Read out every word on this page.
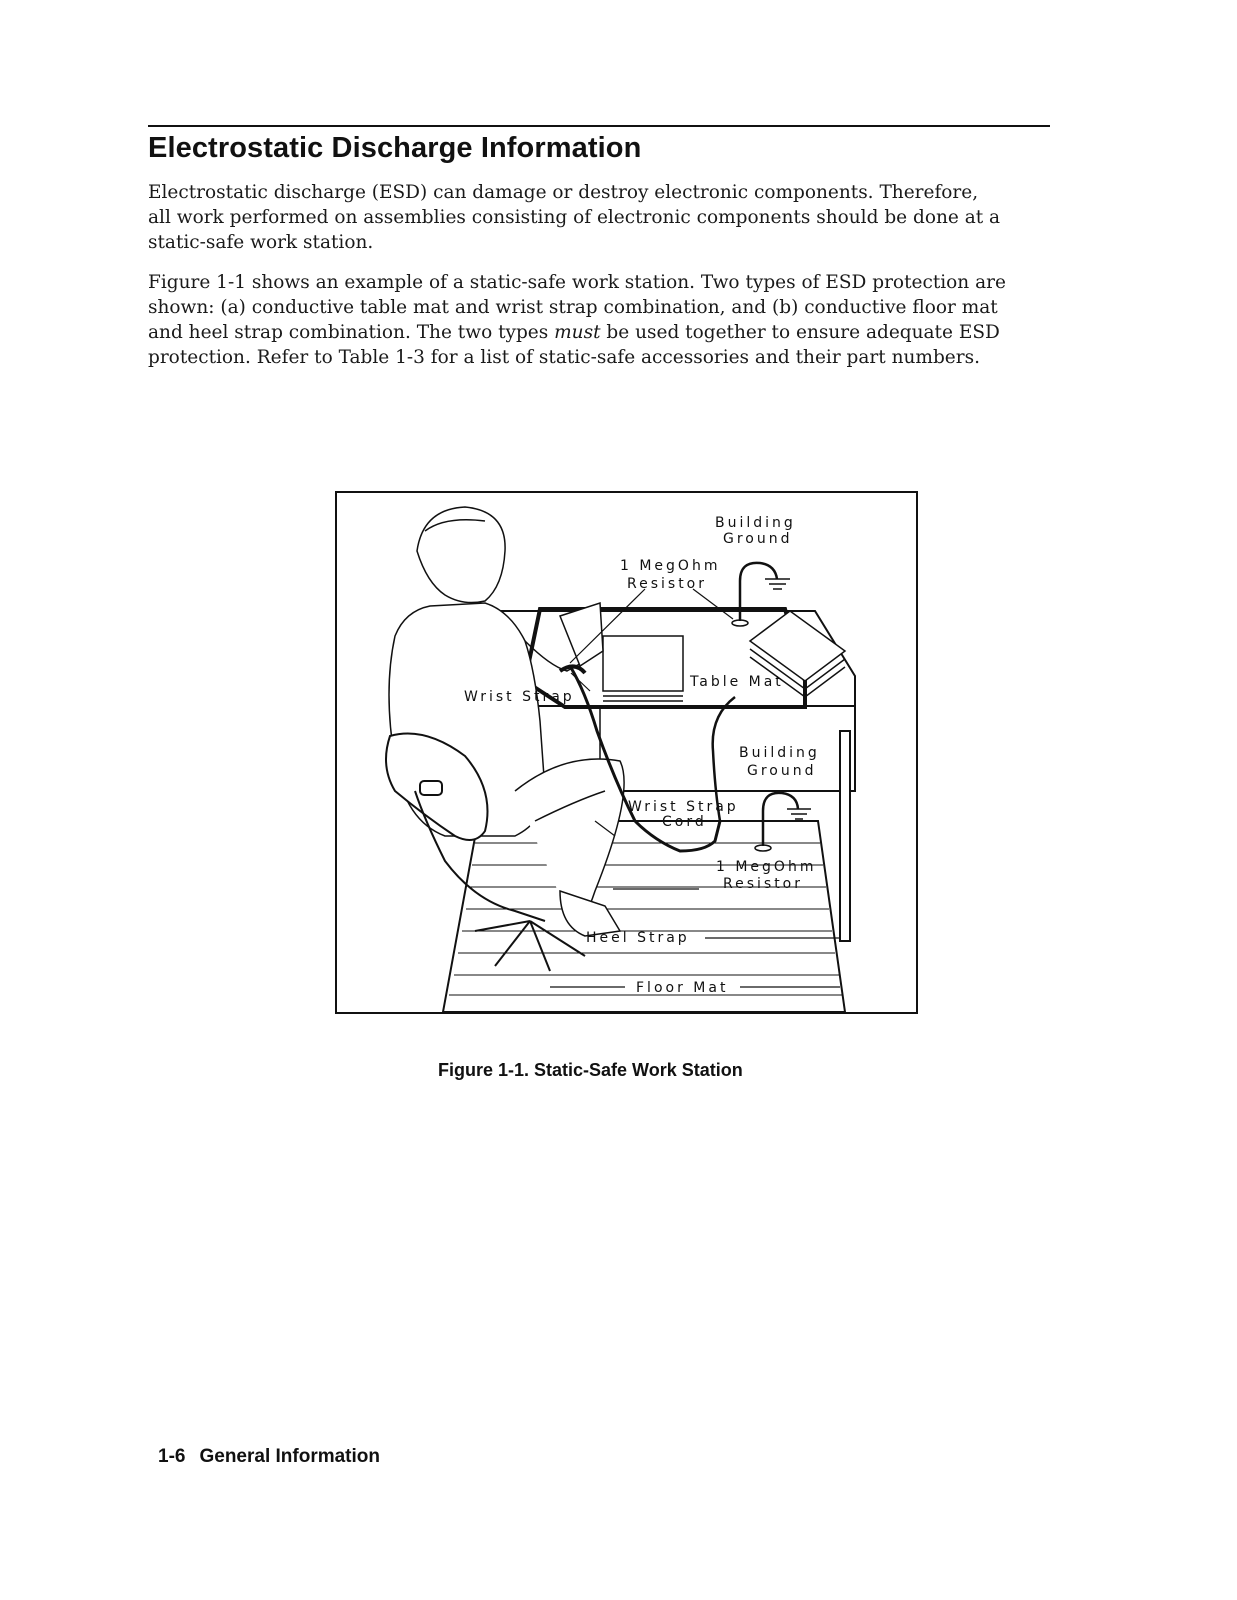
Electrostatic Discharge Information

Electrostatic discharge (ESD) can damage or destroy electronic components. Therefore,
all work performed on assemblies consisting of electronic components should be done at a
static-safe work station.

Figure 1-1 shows an example of a static-safe work station. Two types of ESD protection are
shown: (a) conductive table mat and wrist strap combination, and (b) conductive floor mat
and heel strap combination. The two types must be used together to ensure adequate ESD
protection. Refer to Table 1-3 for a list of static-safe accessories and their part numbers.

Building
Ground
1 MegOhm
Resistor
Table Mat
Wrist Strap
Building
Ground
Wrist Strap
Cord
1 MegOhm
Resistor
Heel Strap
Floor Mat

Figure 1-1. Static-Safe Work Station

1-6 General Information
